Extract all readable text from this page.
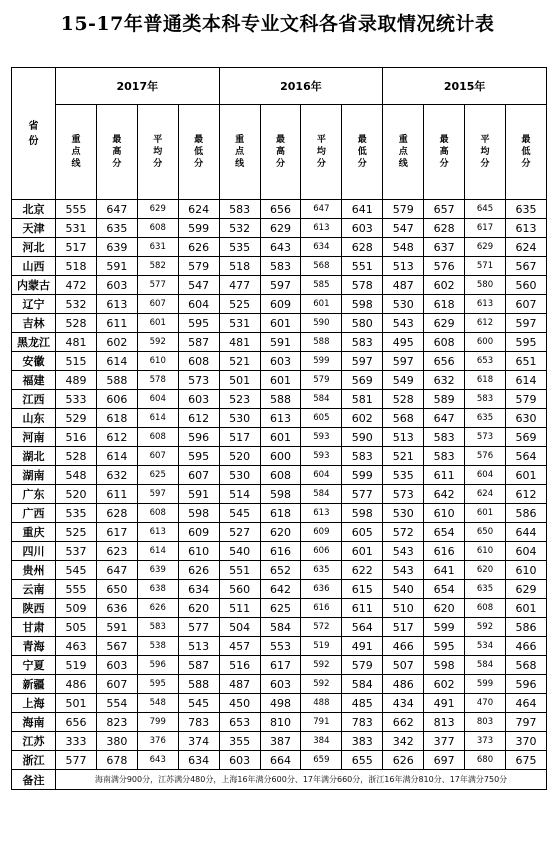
15-17年普通类本科专业文科各省录取情况统计表
省份	2017年				2016年				2015年			
	重点线	最高分	平均分	最低分	重点线	最高分	平均分	最低分	重点线	最高分	平均分	最低分
北京	555	647	629	624	583	656	647	641	579	657	645	635
天津	531	635	608	599	532	629	613	603	547	628	617	613
河北	517	639	631	626	535	643	634	628	548	637	629	624
山西	518	591	582	579	518	583	568	551	513	576	571	567
内蒙古	472	603	577	547	477	597	585	578	487	602	580	560
辽宁	532	613	607	604	525	609	601	598	530	618	613	607
吉林	528	611	601	595	531	601	590	580	543	629	612	597
黑龙江	481	602	592	587	481	591	588	583	495	608	600	595
安徽	515	614	610	608	521	603	599	597	597	656	653	651
福建	489	588	578	573	501	601	579	569	549	632	618	614
江西	533	606	604	603	523	588	584	581	528	589	583	579
山东	529	618	614	612	530	613	605	602	568	647	635	630
河南	516	612	608	596	517	601	593	590	513	583	573	569
湖北	528	614	607	595	520	600	593	583	521	583	576	564
湖南	548	632	625	607	530	608	604	599	535	611	604	601
广东	520	611	597	591	514	598	584	577	573	642	624	612
广西	535	628	608	598	545	618	613	598	530	610	601	586
重庆	525	617	613	609	527	620	609	605	572	654	650	644
四川	537	623	614	610	540	616	606	601	543	616	610	604
贵州	545	647	639	626	551	652	635	622	543	641	620	610
云南	555	650	638	634	560	642	636	615	540	654	635	629
陕西	509	636	626	620	511	625	616	611	510	620	608	601
甘肃	505	591	583	577	504	584	572	564	517	599	592	586
青海	463	567	538	513	457	553	519	491	466	595	534	466
宁夏	519	603	596	587	516	617	592	579	507	598	584	568
新疆	486	607	595	588	487	603	592	584	486	602	599	596
上海	501	554	548	545	450	498	488	485	434	491	470	464
海南	656	823	799	783	653	810	791	783	662	813	803	797
江苏	333	380	376	374	355	387	384	383	342	377	373	370
浙江	577	678	643	634	603	664	659	655	626	697	680	675
备注	海南满分900分，江苏满分480分，上海16年满分600分、17年满分660分，浙江16年满分810分、17年满分750分											
